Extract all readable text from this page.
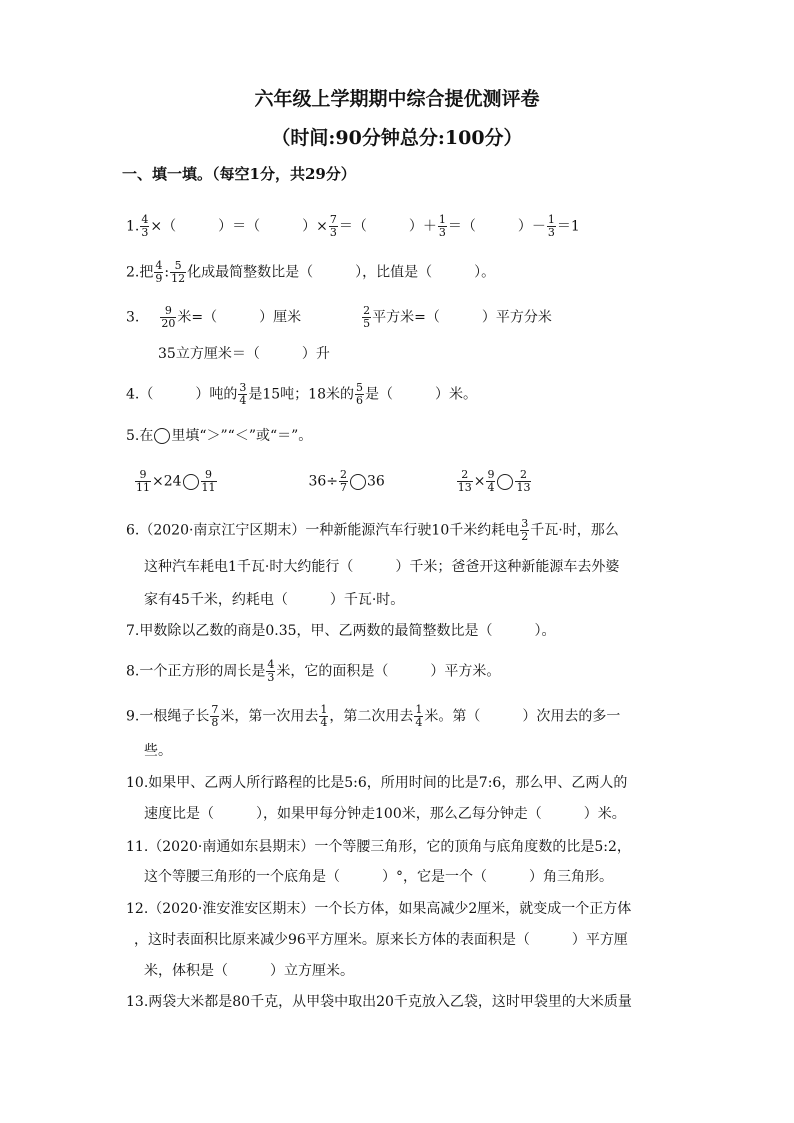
六年级上学期期中综合提优测评卷
（时间:90分钟总分:100分）
一、填一填。（每空1分，共29分）
1. $\frac{4}{3}$ ×（　　　）＝（　　　）× $\frac{7}{3}$ ＝（　　　）＋ $\frac{1}{3}$ ＝（　　　）－ $\frac{1}{3} =1$
2.把 $\frac{4}{9}$ : $\frac{5}{12}$ 化成最简整数比是（　　　），比值是（　　　）。
3. $\frac{9}{20}$ 米=（　　　）厘米	$\frac{2}{5}$ 平方米=（　　　）平方分米
35立方厘米＝（　　　）升
4.（　　　）吨的 $\frac{3}{4}$ 是15吨；18米的 $\frac{5}{6}$ 是（　　　）米。
5.在 里填“＞”“＜”或“＝”。
$\frac{9}{11} \times 24 \frac{9}{11}$	$36\div \frac{2}{7} 36$	$\frac{2}{13} \times \frac{9}{4} \frac{2}{13}$
6.（2020·南京江宁区期末）一种新能源汽车行驶10千米约耗电 $\frac{3}{2}$ 千瓦·时，那么
这种汽车耗电1千瓦·时大约能行（　　　）千米；爸爸开这种新能源车去外婆
家有45千米，约耗电（　　　）千瓦·时。
7.甲数除以乙数的商是0.35，甲、乙两数的最简整数比是（　　　）。
8.一个正方形的周长是 $\frac{4}{3}$ 米，它的面积是（　　　）平方米。
9.一根绳子长 $\frac{7}{8}$ 米，第一次用去 $\frac{1}{4}$ ，第二次用去 $\frac{1}{4}$ 米。第（　　　）次用去的多一
些。
10.如果甲、乙两人所行路程的比是5:6，所用时间的比是7:6，那么甲、乙两人的
速度比是（　　　），如果甲每分钟走100米，那么乙每分钟走（　　　）米。
11.（2020·南通如东县期末）一个等腰三角形，它的顶角与底角度数的比是5:2，
这个等腰三角形的一个底角是（　　　）°，它是一个（　　　）角三角形。
12.（2020·淮安淮安区期末）一个长方体，如果高减少2厘米，就变成一个正方体
，这时表面积比原来减少96平方厘米。原来长方体的表面积是（　　　）平方厘
米，体积是（　　　）立方厘米。
13.两袋大米都是80千克，从甲袋中取出20千克放入乙袋，这时甲袋里的大米质量
